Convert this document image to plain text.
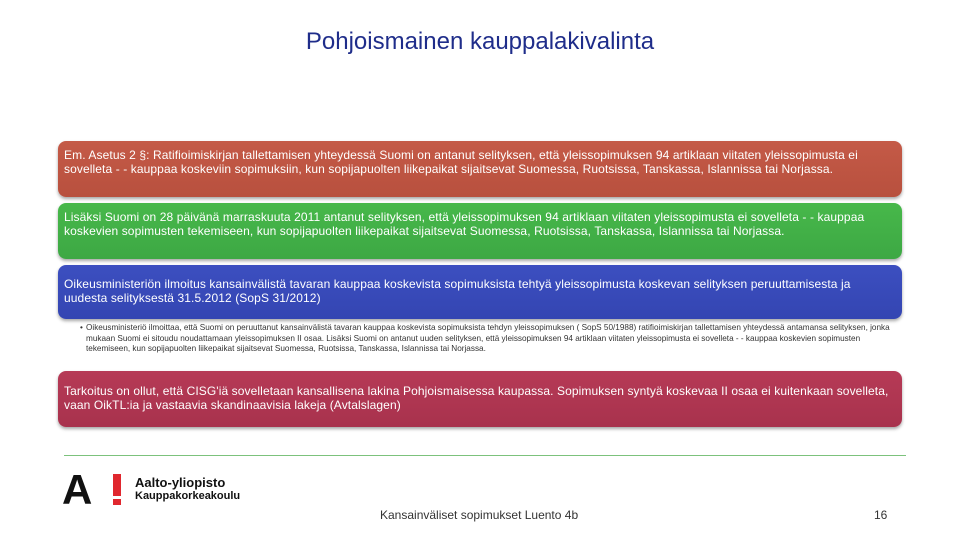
Pohjoismainen kauppalakivalinta
Em. Asetus 2 §: Ratifioimiskirjan tallettamisen yhteydessä Suomi on antanut selityksen, että yleissopimuksen 94 artiklaan viitaten yleissopimusta ei sovelleta - - kauppaa koskeviin sopimuksiin, kun sopijapuolten liikepaikat sijaitsevat Suomessa, Ruotsissa, Tanskassa, Islannissa tai Norjassa.
Lisäksi Suomi on 28 päivänä marraskuuta 2011 antanut selityksen, että yleissopimuksen 94 artiklaan viitaten yleissopimusta ei sovelleta - - kauppaa koskevien sopimusten tekemiseen, kun sopijapuolten liikepaikat sijaitsevat Suomessa, Ruotsissa, Tanskassa, Islannissa tai Norjassa.
Oikeusministeriön ilmoitus kansainvälistä tavaran kauppaa koskevista sopimuksista tehtyä yleissopimusta koskevan selityksen peruuttamisesta ja uudesta selityksestä 31.5.2012 (SopS 31/2012)
• Oikeusministeriö ilmoittaa, että Suomi on peruuttanut kansainvälistä tavaran kauppaa koskevista sopimuksista tehdyn yleissopimuksen ( SopS 50/1988) ratifioimiskirjan tallettamisen yhteydessä antamansa selityksen, jonka mukaan Suomi ei sitoudu noudattamaan yleissopimuksen II osaa. Lisäksi Suomi on antanut uuden selityksen, että yleissopimuksen 94 artiklaan viitaten yleissopimusta ei sovelleta - - kauppaa koskevien sopimusten tekemiseen, kun sopijapuolten liikepaikat sijaitsevat Suomessa, Ruotsissa, Tanskassa, Islannissa tai Norjassa.
Tarkoitus on ollut, että CISG'iä sovelletaan kansallisena lakina Pohjoismaisessa kaupassa. Sopimuksen syntyä koskevaa II osaa ei kuitenkaan sovelleta, vaan OikTL:ia ja vastaavia skandinaavisia lakeja (Avtalslagen)
A	Aalto-yliopisto
Kauppakorkeakoulu
Kansainväliset sopimukset Luento 4b	16
